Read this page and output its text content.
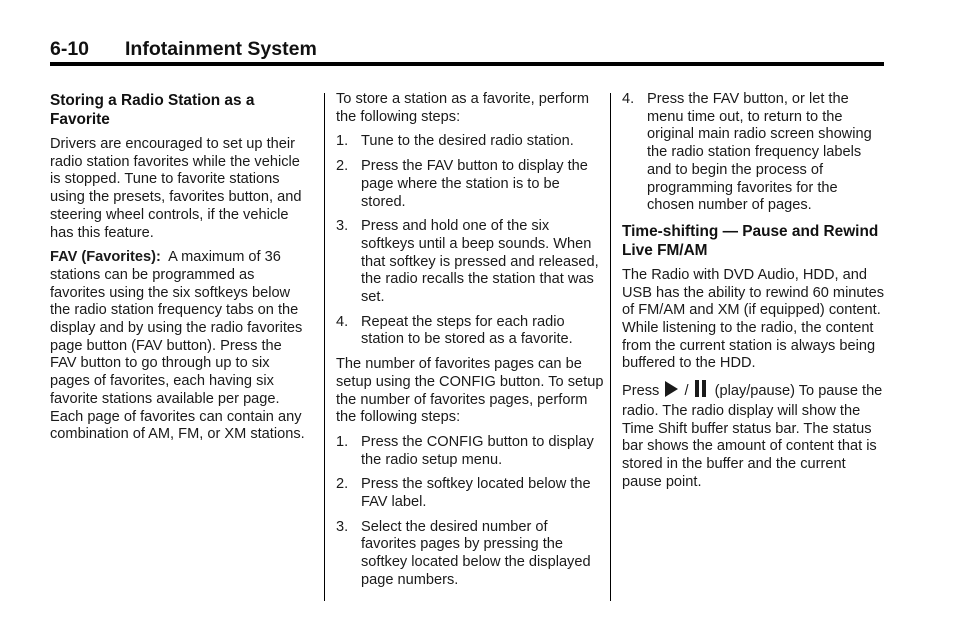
6-10 Infotainment System
Storing a Radio Station as a Favorite

Drivers are encouraged to set up their radio station favorites while the vehicle is stopped. Tune to favorite stations using the presets, favorites button, and steering wheel controls, if the vehicle has this feature.

FAV (Favorites): A maximum of 36 stations can be programmed as favorites using the six softkeys below the radio station frequency tabs on the display and by using the radio favorites page button (FAV button). Press the FAV button to go through up to six pages of favorites, each having six favorite stations available per page. Each page of favorites can contain any combination of AM, FM, or XM stations.

To store a station as a favorite, perform the following steps:

1. Tune to the desired radio station.
2. Press the FAV button to display the page where the station is to be stored.
3. Press and hold one of the six softkeys until a beep sounds. When that softkey is pressed and released, the radio recalls the station that was set.
4. Repeat the steps for each radio station to be stored as a favorite.

The number of favorites pages can be setup using the CONFIG button. To setup the number of favorites pages, perform the following steps:

1. Press the CONFIG button to display the radio setup menu.
2. Press the softkey located below the FAV label.
3. Select the desired number of favorites pages by pressing the softkey located below the displayed page numbers.
4. Press the FAV button, or let the menu time out, to return to the original main radio screen showing the radio station frequency labels and to begin the process of programming favorites for the chosen number of pages.
Time-shifting — Pause and Rewind Live FM/AM

The Radio with DVD Audio, HDD, and USB has the ability to rewind 60 minutes of FM/AM and XM (if equipped) content. While listening to the radio, the content from the current station is always being buffered to the HDD.

Press / (play/pause) To pause the radio. The radio display will show the Time Shift buffer status bar. The status bar shows the amount of content that is stored in the buffer and the current pause point.
